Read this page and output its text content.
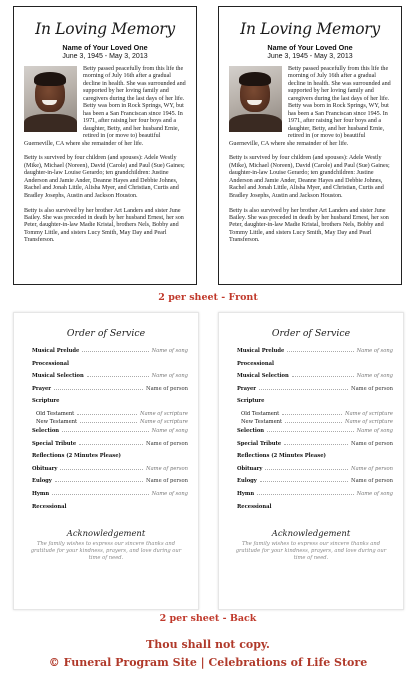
In Loving Memory
Name of Your Loved One
June 3, 1945 - May 3, 2013

Betty passed peacefully from this life the morning of July 16th after a gradual decline in health. She was surrounded and supported by her loving family and caregivers during the last days of her life. Betty was born in Rock Springs, WY, but has been a San Franciscan since 1945. In 1971, after raising her four boys and a daughter, Betty, and her husband Ernie, retired in (or move to) beautiful Guerneville, CA where she remainder of her life.

Betty is survived by four children (and spouses): Adele Westly (Mike), Michael (Noreen), David (Carole) and Paul (Sue) Gaines; daughter-in-law Louise Gerardo; ten grandchildren: Justine Anderson and Jamie Ander, Deanne Hayes and Debbie Johnes, Rachel and Jonah Little, Alisha Myer, and Christian, Curtis and Bradley Josephs, Austin and Jackson Houston.

Betty is also survived by her brother Art Landers and sister June Bailey. She was preceded in death by her husband Ernest, her son Peter, daughter-in-law Madie Kristal, brothers Nels, Bobby and Tommy Little, and sisters Lucy Smith, May Day and Pearl Transferson.

In Loving Memory
Name of Your Loved One
June 3, 1945 - May 3, 2013

Betty passed peacefully from this life the morning of July 16th after a gradual decline in health. She was surrounded and supported by her loving family and caregivers during the last days of her life. Betty was born in Rock Springs, WY, but has been a San Franciscan since 1945. In 1971, after raising her four boys and a daughter, Betty, and her husband Ernie, retired in (or move to) beautiful Guerneville, CA where she remainder of her life.

Betty is survived by four children (and spouses): Adele Westly (Mike), Michael (Noreen), David (Carole) and Paul (Sue) Gaines; daughter-in-law Louise Gerardo; ten grandchildren: Justine Anderson and Jamie Ander, Deanne Hayes and Debbie Johnes, Rachel and Jonah Little, Alisha Myer, and Christian, Curtis and Bradley Josephs, Austin and Jackson Houston.

Betty is also survived by her brother Art Landers and sister June Bailey. She was preceded in death by her husband Ernest, her son Peter, daughter-in-law Madie Kristal, brothers Nels, Bobby and Tommy Little, and sisters Lucy Smith, May Day and Pearl Transferson.

2 per sheet - Front
Order of Service
Musical Prelude	Name of song
Processional
Musical Selection	Name of song
Prayer	Name of person
Scripture
Old Testament	Name of scripture
New Testament	Name of scripture
Selection	Name of song
Special Tribute	Name of person
Reflections (2 Minutes Please)
Obituary	Name of person
Eulogy	Name of person
Hymn	Name of song
Recessional
Acknowledgement
The family wishes to express our sincere thanks and gratitude for your kindness, prayers, and love during our time of need.
Order of Service
Musical Prelude	Name of song
Processional
Musical Selection	Name of song
Prayer	Name of person
Scripture
Old Testament	Name of scripture
New Testament	Name of scripture
Selection	Name of song
Special Tribute	Name of person
Reflections (2 Minutes Please)
Obituary	Name of person
Eulogy	Name of person
Hymn	Name of song
Recessional
Acknowledgement
The family wishes to express our sincere thanks and gratitude for your kindness, prayers, and love during our time of need.
2 per sheet - Back
Thou shall not copy.
© Funeral Program Site | Celebrations of Life Store
